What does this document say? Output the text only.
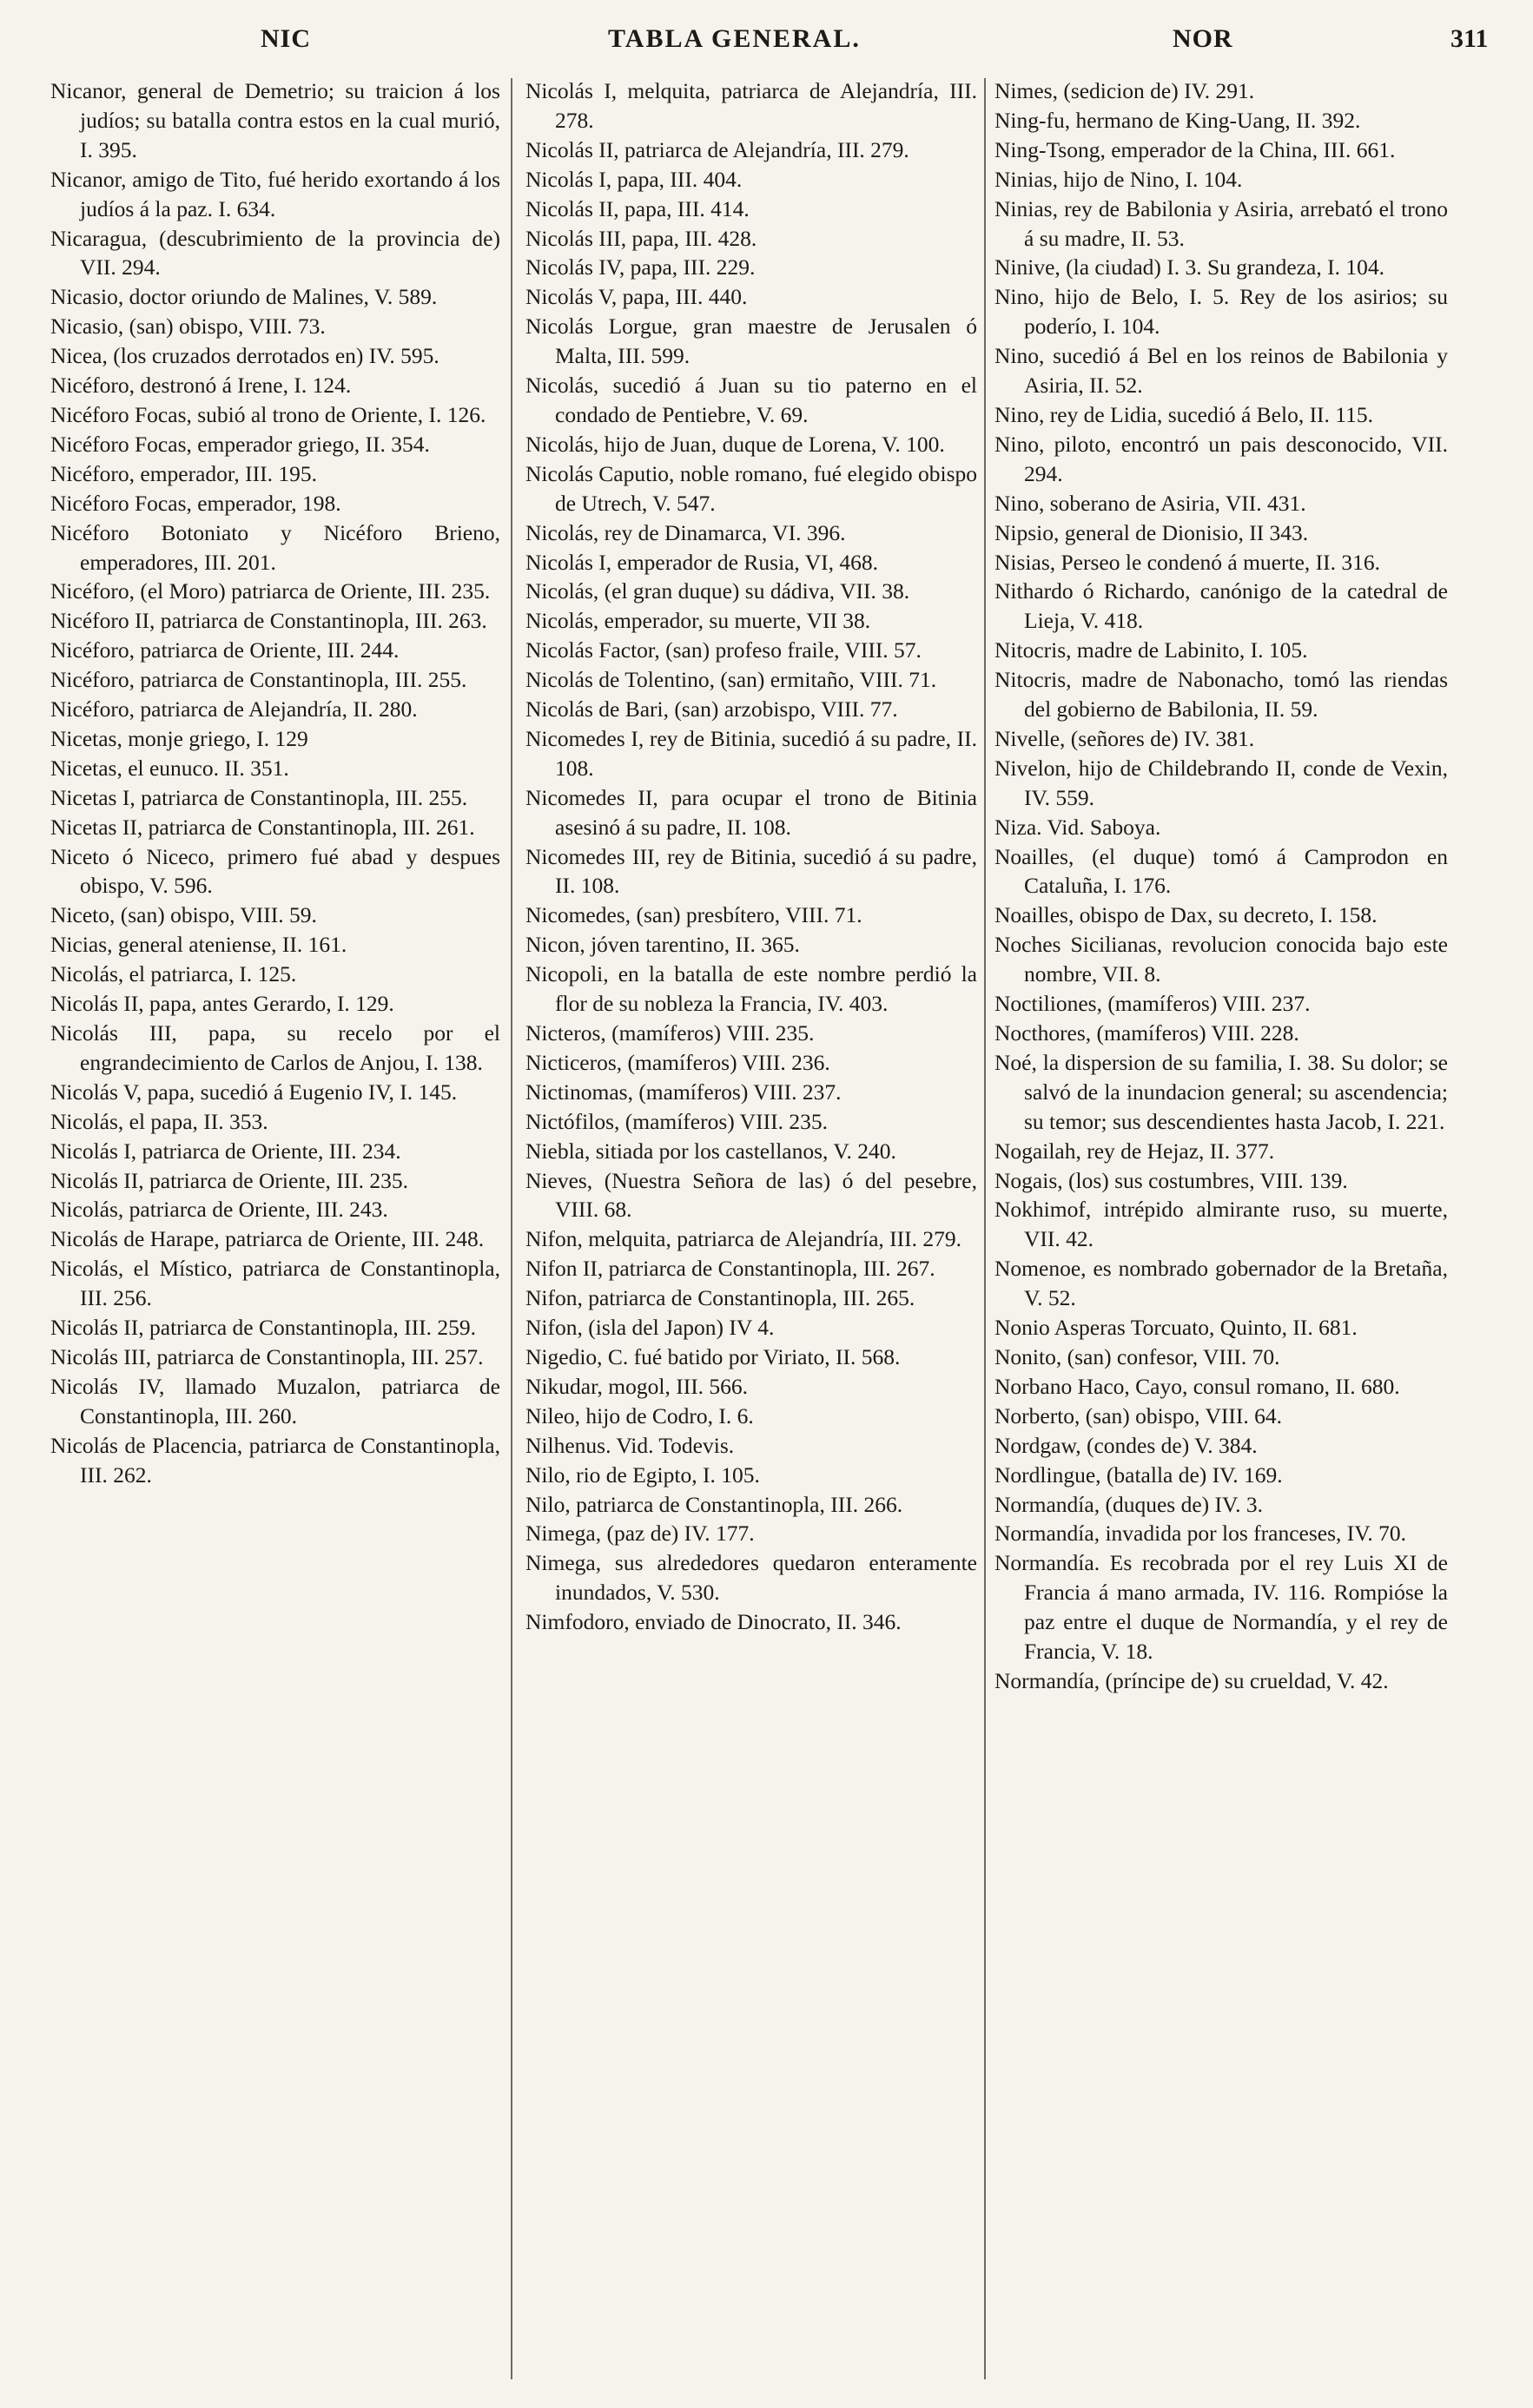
NIC	TABLA GENERAL.	NOR	311
Nicanor, general de Demetrio; su traicion á los judíos; su batalla contra estos en la cual murió, I. 395.
Nicanor, amigo de Tito, fué herido exortando á los judíos á la paz. I. 634.
Nicaragua, (descubrimiento de la provincia de) VII. 294.
Nicasio, doctor oriundo de Malines, V. 589.
Nicasio, (san) obispo, VIII. 73.
Nicea, (los cruzados derrotados en) IV. 595.
Nicéforo, destronó á Irene, I. 124.
Nicéforo Focas, subió al trono de Oriente, I. 126.
Nicéforo Focas, emperador griego, II. 354.
Nicéforo, emperador, III. 195.
Nicéforo Focas, emperador, 198.
Nicéforo Botoniato y Nicéforo Brieno, emperadores, III. 201.
Nicéforo, (el Moro) patriarca de Oriente, III. 235.
Nicéforo II, patriarca de Constantinopla, III. 263.
Nicéforo, patriarca de Oriente, III. 244.
Nicéforo, patriarca de Constantinopla, III. 255.
Nicéforo, patriarca de Alejandría, II. 280.
Nicetas, monje griego, I. 129
Nicetas, el eunuco. II. 351.
Nicetas I, patriarca de Constantinopla, III. 255.
Nicetas II, patriarca de Constantinopla, III. 261.
Niceto ó Niceco, primero fué abad y despues obispo, V. 596.
Niceto, (san) obispo, VIII. 59.
Nicias, general ateniense, II. 161.
Nicolás, el patriarca, I. 125.
Nicolás II, papa, antes Gerardo, I. 129.
Nicolás III, papa, su recelo por el engrandecimiento de Carlos de Anjou, I. 138.
Nicolás V, papa, sucedió á Eugenio IV, I. 145.
Nicolás, el papa, II. 353.
Nicolás I, patriarca de Oriente, III. 234.
Nicolás II, patriarca de Oriente, III. 235.
Nicolás, patriarca de Oriente, III. 243.
Nicolás de Harape, patriarca de Oriente, III. 248.
Nicolás, el Místico, patriarca de Constantinopla, III. 256.
Nicolás II, patriarca de Constantinopla, III. 259.
Nicolás III, patriarca de Constantinopla, III. 257.
Nicolás IV, llamado Muzalon, patriarca de Constantinopla, III. 260.
Nicolás de Placencia, patriarca de Constantinopla, III. 262.
Nicolás I, melquita, patriarca de Alejandría, III. 278.
Nicolás II, patriarca de Alejandría, III. 279.
Nicolás I, papa, III. 404.
Nicolás II, papa, III. 414.
Nicolás III, papa, III. 428.
Nicolás IV, papa, III. 229.
Nicolás V, papa, III. 440.
Nicolás Lorgue, gran maestre de Jerusalen ó Malta, III. 599.
Nicolás, sucedió á Juan su tio paterno en el condado de Pentiebre, V. 69.
Nicolás, hijo de Juan, duque de Lorena, V. 100.
Nicolás Caputio, noble romano, fué elegido obispo de Utrech, V. 547.
Nicolás, rey de Dinamarca, VI. 396.
Nicolás I, emperador de Rusia, VI, 468.
Nicolás, (el gran duque) su dádiva, VII. 38.
Nicolás, emperador, su muerte, VII 38.
Nicolás Factor, (san) profeso fraile, VIII. 57.
Nicolás de Tolentino, (san) ermitaño, VIII. 71.
Nicolás de Bari, (san) arzobispo, VIII. 77.
Nicomedes I, rey de Bitinia, sucedió á su padre, II. 108.
Nicomedes II, para ocupar el trono de Bitinia asesinó á su padre, II. 108.
Nicomedes III, rey de Bitinia, sucedió á su padre, II. 108.
Nicomedes, (san) presbítero, VIII. 71.
Nicon, jóven tarentino, II. 365.
Nicopoli, en la batalla de este nombre perdió la flor de su nobleza la Francia, IV. 403.
Nicteros, (mamíferos) VIII. 235.
Nicticeros, (mamíferos) VIII. 236.
Nictinomas, (mamíferos) VIII. 237.
Nictófilos, (mamíferos) VIII. 235.
Niebla, sitiada por los castellanos, V. 240.
Nieves, (Nuestra Señora de las) ó del pesebre, VIII. 68.
Nifon, melquita, patriarca de Alejandría, III. 279.
Nifon II, patriarca de Constantinopla, III. 267.
Nifon, patriarca de Constantinopla, III. 265.
Nifon, (isla del Japon) IV 4.
Nigedio, C. fué batido por Viriato, II. 568.
Nikudar, mogol, III. 566.
Nileo, hijo de Codro, I. 6.
Nilhenus. Vid. Todevis.
Nilo, rio de Egipto, I. 105.
Nilo, patriarca de Constantinopla, III. 266.
Nimega, (paz de) IV. 177.
Nimega, sus alrededores quedaron enteramente inundados, V. 530.
Nimfodoro, enviado de Dinocrato, II. 346.
Nimes, (sedicion de) IV. 291.
Ning-fu, hermano de King-Uang, II. 392.
Ning-Tsong, emperador de la China, III. 661.
Ninias, hijo de Nino, I. 104.
Ninias, rey de Babilonia y Asiria, arrebató el trono á su madre, II. 53.
Ninive, (la ciudad) I. 3. Su grandeza, I. 104.
Nino, hijo de Belo, I. 5. Rey de los asirios; su poderío, I. 104.
Nino, sucedió á Bel en los reinos de Babilonia y Asiria, II. 52.
Nino, rey de Lidia, sucedió á Belo, II. 115.
Nino, piloto, encontró un pais desconocido, VII. 294.
Nino, soberano de Asiria, VII. 431.
Nipsio, general de Dionisio, II 343.
Nisias, Perseo le condenó á muerte, II. 316.
Nithardo ó Richardo, canónigo de la catedral de Lieja, V. 418.
Nitocris, madre de Labinito, I. 105.
Nitocris, madre de Nabonacho, tomó las riendas del gobierno de Babilonia, II. 59.
Nivelle, (señores de) IV. 381.
Nivelon, hijo de Childebrando II, conde de Vexin, IV. 559.
Niza. Vid. Saboya.
Noailles, (el duque) tomó á Camprodon en Cataluña, I. 176.
Noailles, obispo de Dax, su decreto, I. 158.
Noches Sicilianas, revolucion conocida bajo este nombre, VII. 8.
Noctiliones, (mamíferos) VIII. 237.
Nocthores, (mamíferos) VIII. 228.
Noé, la dispersion de su familia, I. 38. Su dolor; se salvó de la inundacion general; su ascendencia; su temor; sus descendientes hasta Jacob, I. 221.
Nogailah, rey de Hejaz, II. 377.
Nogais, (los) sus costumbres, VIII. 139.
Nokhimof, intrépido almirante ruso, su muerte, VII. 42.
Nomenoe, es nombrado gobernador de la Bretaña, V. 52.
Nonio Asperas Torcuato, Quinto, II. 681.
Nonito, (san) confesor, VIII. 70.
Norbano Haco, Cayo, consul romano, II. 680.
Norberto, (san) obispo, VIII. 64.
Nordgaw, (condes de) V. 384.
Nordlingue, (batalla de) IV. 169.
Normandía, (duques de) IV. 3.
Normandía, invadida por los franceses, IV. 70.
Normandía. Es recobrada por el rey Luis XI de Francia á mano armada, IV. 116. Rompióse la paz entre el duque de Normandía, y el rey de Francia, V. 18.
Normandía, (príncipe de) su crueldad, V. 42.
